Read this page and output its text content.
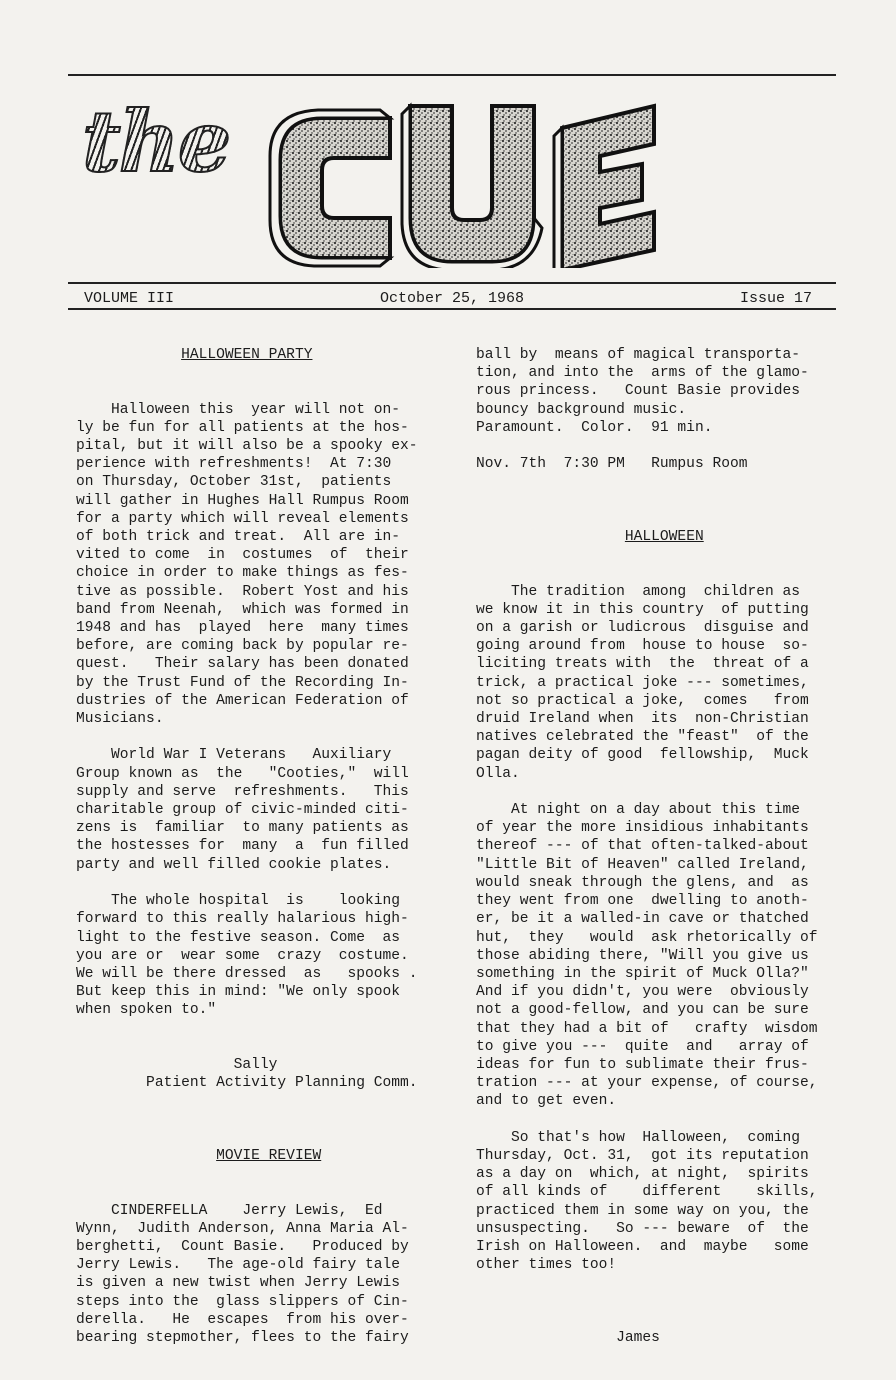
the
VOLUME III	October 25, 1968	Issue 17
HALLOWEEN PARTY

Halloween this  year will not on-
ly be fun for all patients at the hos-
pital, but it will also be a spooky ex-
perience with refreshments!  At 7:30
on Thursday, October 31st,  patients
will gather in Hughes Hall Rumpus Room
for a party which will reveal elements
of both trick and treat.  All are in-
vited to come  in  costumes  of  their
choice in order to make things as fes-
tive as possible.  Robert Yost and his
band from Neenah,  which was formed in
1948 and has  played  here  many times
before, are coming back by popular re-
quest.   Their salary has been donated
by the Trust Fund of the Recording In-
dustries of the American Federation of
Musicians.

World War I Veterans   Auxiliary
Group known as  the   "Cooties,"  will
supply and serve  refreshments.   This
charitable group of civic-minded citi-
zens is  familiar  to many patients as
the hostesses for  many  a  fun filled
party and well filled cookie plates.

The whole hospital  is    looking
forward to this really halarious high-
light to the festive season. Come  as
you are or  wear some  crazy  costume.
We will be there dressed  as   spooks .
But keep this in mind: "We only spook
when spoken to."

Sally
Patient Activity Planning Comm.

MOVIE REVIEW

CINDERFELLA    Jerry Lewis,  Ed
Wynn,  Judith Anderson, Anna Maria Al-
berghetti,  Count Basie.   Produced by
Jerry Lewis.   The age-old fairy tale
is given a new twist when Jerry Lewis
steps into the  glass slippers of Cin-
derella.   He  escapes  from his over-
bearing stepmother, flees to the fairy
ball by  means of magical transporta-
tion, and into the  arms of the glamo-
rous princess.   Count Basie provides
bouncy background music.
Paramount.  Color.  91 min.

Nov. 7th  7:30 PM   Rumpus Room

HALLOWEEN

The tradition  among  children as
we know it in this country  of putting
on a garish or ludicrous  disguise and
going around from  house to house  so-
liciting treats with  the  threat of a
trick, a practical joke --- sometimes,
not so practical a joke,  comes   from
druid Ireland when  its  non-Christian
natives celebrated the "feast"  of the
pagan deity of good  fellowship,  Muck
Olla.

At night on a day about this time
of year the more insidious inhabitants
thereof --- of that often-talked-about
"Little Bit of Heaven" called Ireland,
would sneak through the glens, and  as
they went from one  dwelling to anoth-
er, be it a walled-in cave or thatched
hut,  they   would  ask rhetorically of
those abiding there, "Will you give us
something in the spirit of Muck Olla?"
And if you didn't, you were  obviously
not a good-fellow, and you can be sure
that they had a bit of   crafty  wisdom
to give you ---  quite  and   array of
ideas for fun to sublimate their frus-
tration --- at your expense, of course,
and to get even.

So that's how  Halloween,  coming
Thursday, Oct. 31,  got its reputation
as a day on  which, at night,  spirits
of all kinds of    different    skills,
practiced them in some way on you, the
unsuspecting.   So --- beware  of  the
Irish on Halloween.  and  maybe   some
other times too!

James
